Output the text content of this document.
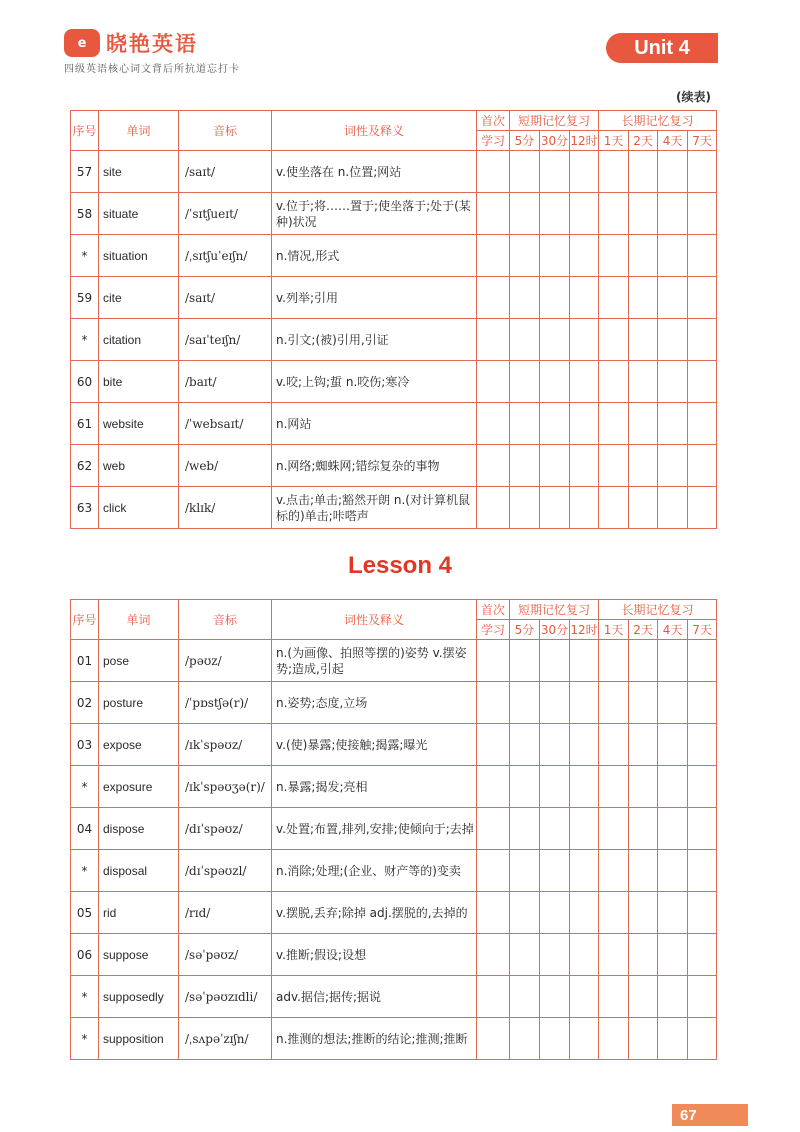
e 晓艳英语
四级英语核心词文背后所抗道忘打卡
Unit 4
(续表)
序号	单词	音标	词性及释义	首次	短期记忆复习			长期记忆复习			
				学习	5分	30分	12时	1天	2天	4天	7天
57	site	/saɪt/	v.使坐落在 n.位置;网站								
58	situate	/ˈsɪtʃueɪt/	v.位于;将……置于;使坐落于;处于(某种)状况								
*	situation	/ˌsɪtʃuˈeɪʃn/	n.情况,形式								
59	cite	/saɪt/	v.列举;引用								
*	citation	/saɪˈteɪʃn/	n.引文;(被)引用,引证								
60	bite	/baɪt/	v.咬;上钩;蜇 n.咬伤;寒冷								
61	website	/ˈwebsaɪt/	n.网站								
62	web	/web/	n.网络;蜘蛛网;错综复杂的事物								
63	click	/klɪk/	v.点击;单击;豁然开朗 n.(对计算机鼠标的)单击;咔嗒声								
Lesson 4
序号	单词	音标	词性及释义	首次	短期记忆复习			长期记忆复习			
				学习	5分	30分	12时	1天	2天	4天	7天
01	pose	/pəʊz/	n.(为画像、拍照等摆的)姿势 v.摆姿势;造成,引起								
02	posture	/ˈpɒstʃə(r)/	n.姿势;态度,立场								
03	expose	/ɪkˈspəʊz/	v.(使)暴露;使接触;揭露;曝光								
*	exposure	/ɪkˈspəʊʒə(r)/	n.暴露;揭发;亮相								
04	dispose	/dɪˈspəʊz/	v.处置;布置,排列,安排;使倾向于;去掉								
*	disposal	/dɪˈspəʊzl/	n.消除;处理;(企业、财产等的)变卖								
05	rid	/rɪd/	v.摆脱,丢弃;除掉 adj.摆脱的,去掉的								
06	suppose	/səˈpəʊz/	v.推断;假设;设想								
*	supposedly	/səˈpəʊzɪdli/	adv.据信;据传;据说								
*	supposition	/ˌsʌpəˈzɪʃn/	n.推测的想法;推断的结论;推测;推断								
67
